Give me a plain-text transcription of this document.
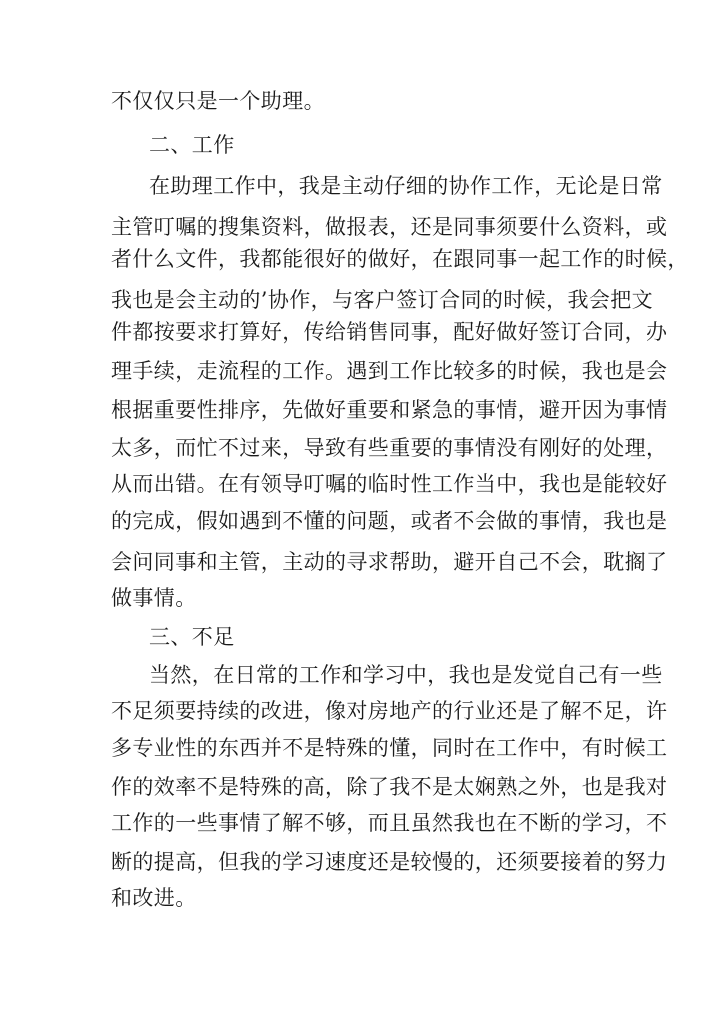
不仅仅只是一个助理。
二、工作
在助理工作中，我是主动仔细的协作工作，无论是日常
主管叮嘱的搜集资料，做报表，还是同事须要什么资料，或
者什么文件，我都能很好的做好，在跟同事一起工作的时候，
我也是会主动的’协作，与客户签订合同的时候，我会把文
件都按要求打算好，传给销售同事，配好做好签订合同，办
理手续，走流程的工作。遇到工作比较多的时候，我也是会
根据重要性排序，先做好重要和紧急的事情，避开因为事情
太多，而忙不过来，导致有些重要的事情没有刚好的处理，
从而出错。在有领导叮嘱的临时性工作当中，我也是能较好
的完成，假如遇到不懂的问题，或者不会做的事情，我也是
会问同事和主管，主动的寻求帮助，避开自己不会，耽搁了
做事情。
三、不足
当然，在日常的工作和学习中，我也是发觉自己有一些
不足须要持续的改进，像对房地产的行业还是了解不足，许
多专业性的东西并不是特殊的懂，同时在工作中，有时候工
作的效率不是特殊的高，除了我不是太娴熟之外，也是我对
工作的一些事情了解不够，而且虽然我也在不断的学习，不
断的提高，但我的学习速度还是较慢的，还须要接着的努力
和改进。
